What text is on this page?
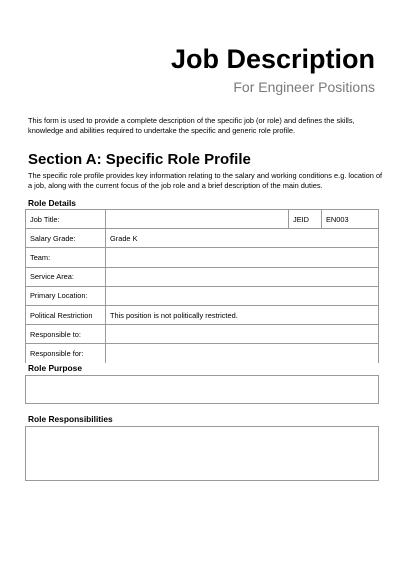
Job Description
For Engineer Positions
This form is used to provide a complete description of the specific job (or role) and defines the skills, knowledge and abilities required to undertake the specific and generic role profile.
Section A: Specific Role Profile
The specific role profile provides key information relating to the salary and working conditions e.g. location of a job, along with the current focus of the job role and a brief description of the main duties.
Role Details
Job Title:		JEID	EN003
Salary Grade:	Grade K		
Team:			
Service Area:			
Primary Location:			
Political Restriction	This position is not politically restricted.		
Responsible to:			
Responsible for:			
Role Purpose
Role Responsibilities
